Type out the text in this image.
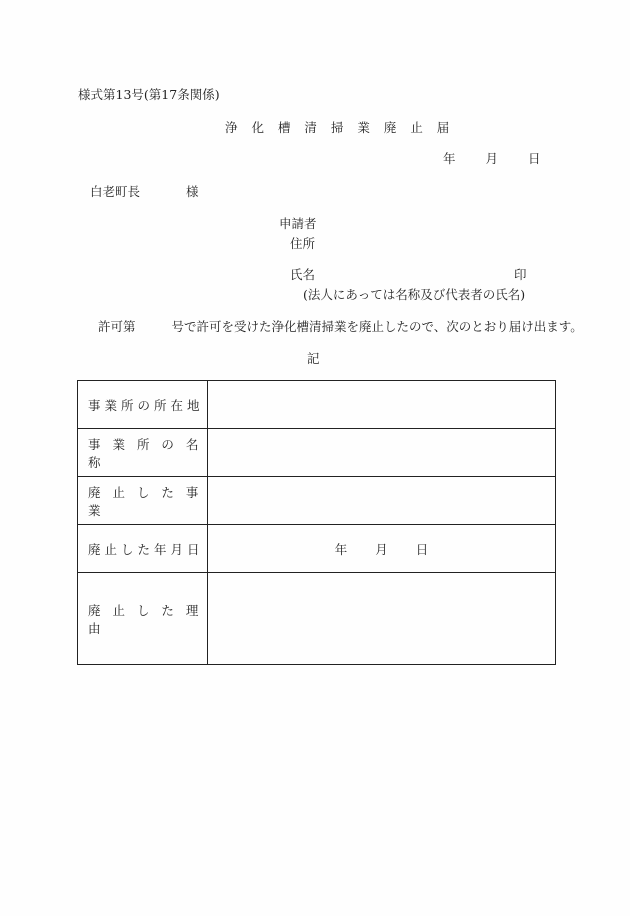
様式第13号(第17条関係)
浄 化 槽 清 掃 業 廃 止 届
年 月 日
白老町長	様
申請者
住所
氏名	印
(法人にあっては名称及び代表者の氏名)
許可第	号で許可を受けた浄化槽清掃業を廃止したので、次のとおり届け出ます。
記
事業所の所在地	
事 業 所 の 名 称	
廃 止 し た 事 業	
廃止した年月日	年 月 日
廃 止 し た 理 由	
